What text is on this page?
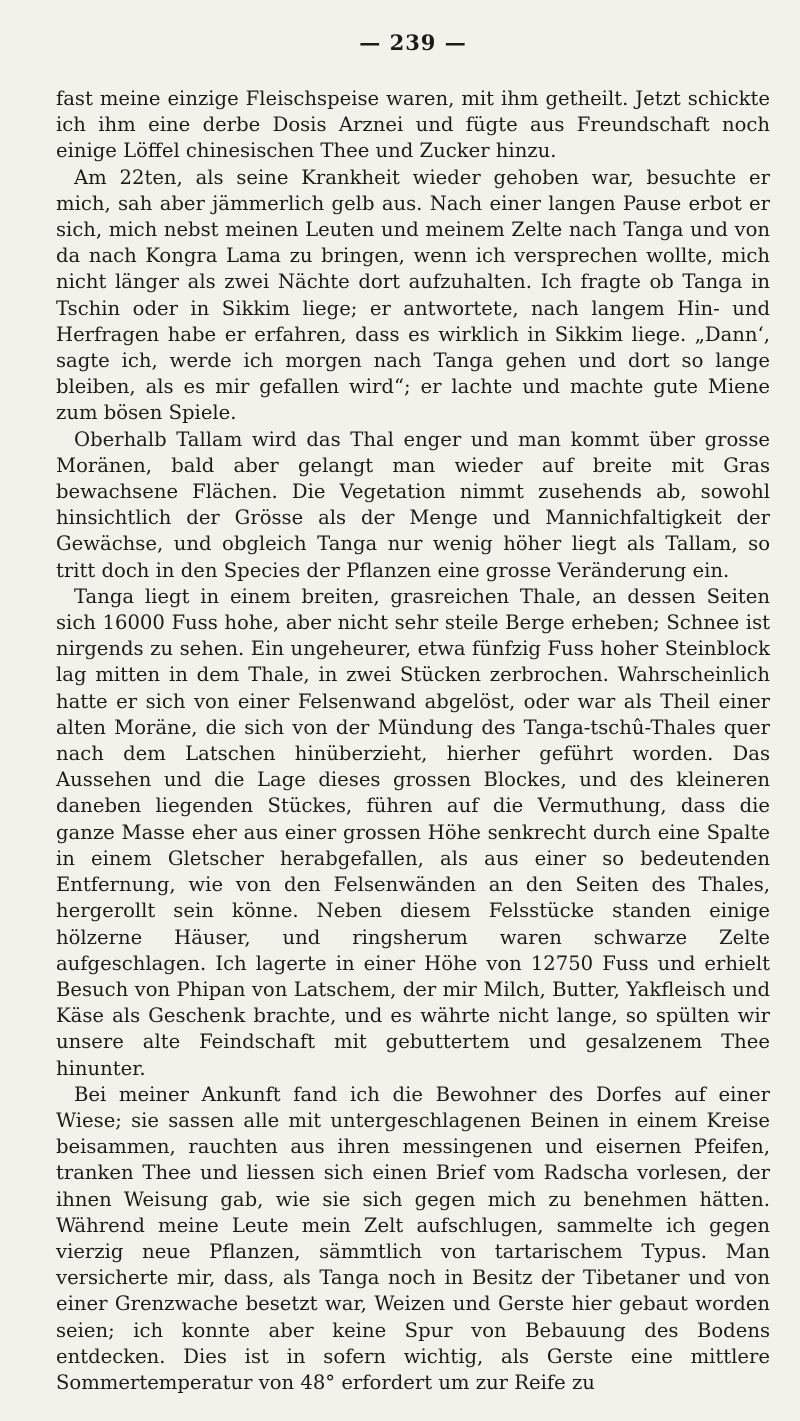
— 239 —

fast meine einzige Fleischspeise waren, mit ihm getheilt. Jetzt schickte ich ihm eine derbe Dosis Arznei und fügte aus Freundschaft noch einige Löffel chinesischen Thee und Zucker hinzu.

Am 22ten, als seine Krankheit wieder gehoben war, besuchte er mich, sah aber jämmerlich gelb aus. Nach einer langen Pause erbot er sich, mich nebst meinen Leuten und meinem Zelte nach Tanga und von da nach Kongra Lama zu bringen, wenn ich versprechen wollte, mich nicht länger als zwei Nächte dort aufzuhalten. Ich fragte ob Tanga in Tschin oder in Sikkim liege; er antwortete, nach langem Hin- und Herfragen habe er erfahren, dass es wirklich in Sikkim liege. „Dann‘, sagte ich, werde ich morgen nach Tanga gehen und dort so lange bleiben, als es mir gefallen wird“; er lachte und machte gute Miene zum bösen Spiele.

Oberhalb Tallam wird das Thal enger und man kommt über grosse Moränen, bald aber gelangt man wieder auf breite mit Gras bewachsene Flächen. Die Vegetation nimmt zusehends ab, sowohl hinsichtlich der Grösse als der Menge und Mannichfaltigkeit der Gewächse, und obgleich Tanga nur wenig höher liegt als Tallam, so tritt doch in den Species der Pflanzen eine grosse Veränderung ein.

Tanga liegt in einem breiten, grasreichen Thale, an dessen Seiten sich 16000 Fuss hohe, aber nicht sehr steile Berge erheben; Schnee ist nirgends zu sehen. Ein ungeheurer, etwa fünfzig Fuss hoher Steinblock lag mitten in dem Thale, in zwei Stücken zerbrochen. Wahrscheinlich hatte er sich von einer Felsenwand abgelöst, oder war als Theil einer alten Moräne, die sich von der Mündung des Tanga-tschû-Thales quer nach dem Latschen hinüberzieht, hierher geführt worden. Das Aussehen und die Lage dieses grossen Blockes, und des kleineren daneben liegenden Stückes, führen auf die Vermuthung, dass die ganze Masse eher aus einer grossen Höhe senkrecht durch eine Spalte in einem Gletscher herabgefallen, als aus einer so bedeutenden Entfernung, wie von den Felsenwänden an den Seiten des Thales, hergerollt sein könne. Neben diesem Felsstücke standen einige hölzerne Häuser, und ringsherum waren schwarze Zelte aufgeschlagen. Ich lagerte in einer Höhe von 12750 Fuss und erhielt Besuch von Phipan von Latschem, der mir Milch, Butter, Yakfleisch und Käse als Geschenk brachte, und es währte nicht lange, so spülten wir unsere alte Feindschaft mit gebuttertem und gesalzenem Thee hinunter.

Bei meiner Ankunft fand ich die Bewohner des Dorfes auf einer Wiese; sie sassen alle mit untergeschlagenen Beinen in einem Kreise beisammen, rauchten aus ihren messingenen und eisernen Pfeifen, tranken Thee und liessen sich einen Brief vom Radscha vorlesen, der ihnen Weisung gab, wie sie sich gegen mich zu benehmen hätten. Während meine Leute mein Zelt aufschlugen, sammelte ich gegen vierzig neue Pflanzen, sämmtlich von tartarischem Typus. Man versicherte mir, dass, als Tanga noch in Besitz der Tibetaner und von einer Grenzwache besetzt war, Weizen und Gerste hier gebaut worden seien; ich konnte aber keine Spur von Bebauung des Bodens entdecken. Dies ist in sofern wichtig, als Gerste eine mittlere Sommertemperatur von 48° erfordert um zur Reife zu
